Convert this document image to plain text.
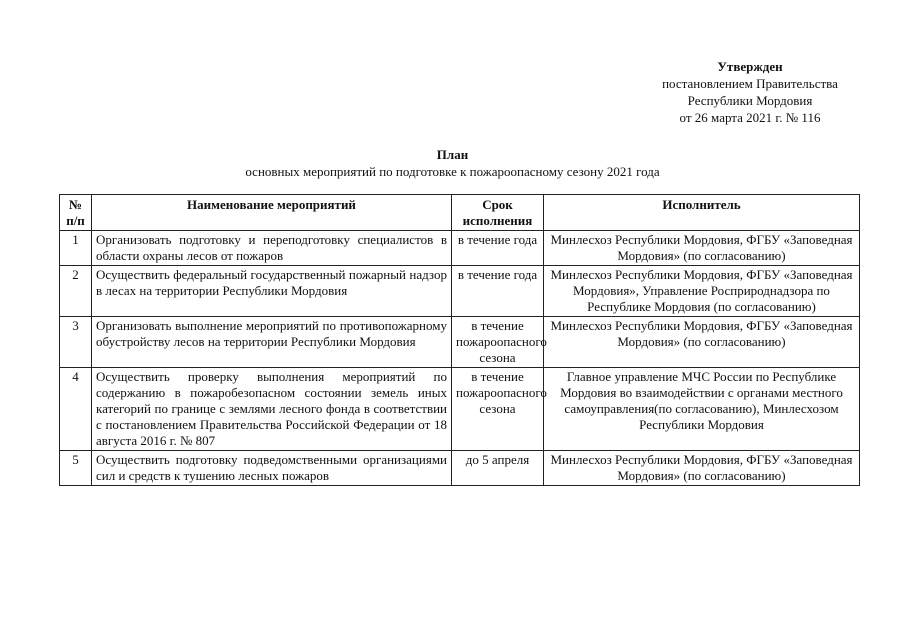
Утвержден
постановлением Правительства
Республики Мордовия
от 26 марта 2021 г. № 116
План
основных мероприятий по подготовке к пожароопасному сезону 2021 года
№ п/п	Наименование мероприятий	Срок исполнения	Исполнитель
1	Организовать подготовку и переподготовку специалистов в области охраны лесов от пожаров	в течение года	Минлесхоз Республики Мордовия, ФГБУ «Заповедная Мордовия» (по согласованию)
2	Осуществить федеральный государственный пожарный надзор в лесах на территории Республики Мордовия	в течение года	Минлесхоз Республики Мордовия, ФГБУ «Заповедная Мордовия», Управление Росприроднадзора по Республике Мордовия (по согласованию)
3	Организовать выполнение мероприятий по противопожарному обустройству лесов на территории Республики Мордовия	в течение пожароопасного сезона	Минлесхоз Республики Мордовия, ФГБУ «Заповедная Мордовия» (по согласованию)
4	Осуществить проверку выполнения мероприятий по содержанию в пожаробезопасном состоянии земель иных категорий по границе с землями лесного фонда в соответствии с постановлением Правительства Российской Федерации от 18 августа 2016 г. № 807	в течение пожароопасного сезона	Главное управление МЧС России по Республике Мордовия во взаимодействии с органами местного самоуправления(по согласованию), Минлесхозом Республики Мордовия
5	Осуществить подготовку подведомственными организациями сил и средств к тушению лесных пожаров	до 5 апреля	Минлесхоз Республики Мордовия, ФГБУ «Заповедная Мордовия» (по согласованию)
